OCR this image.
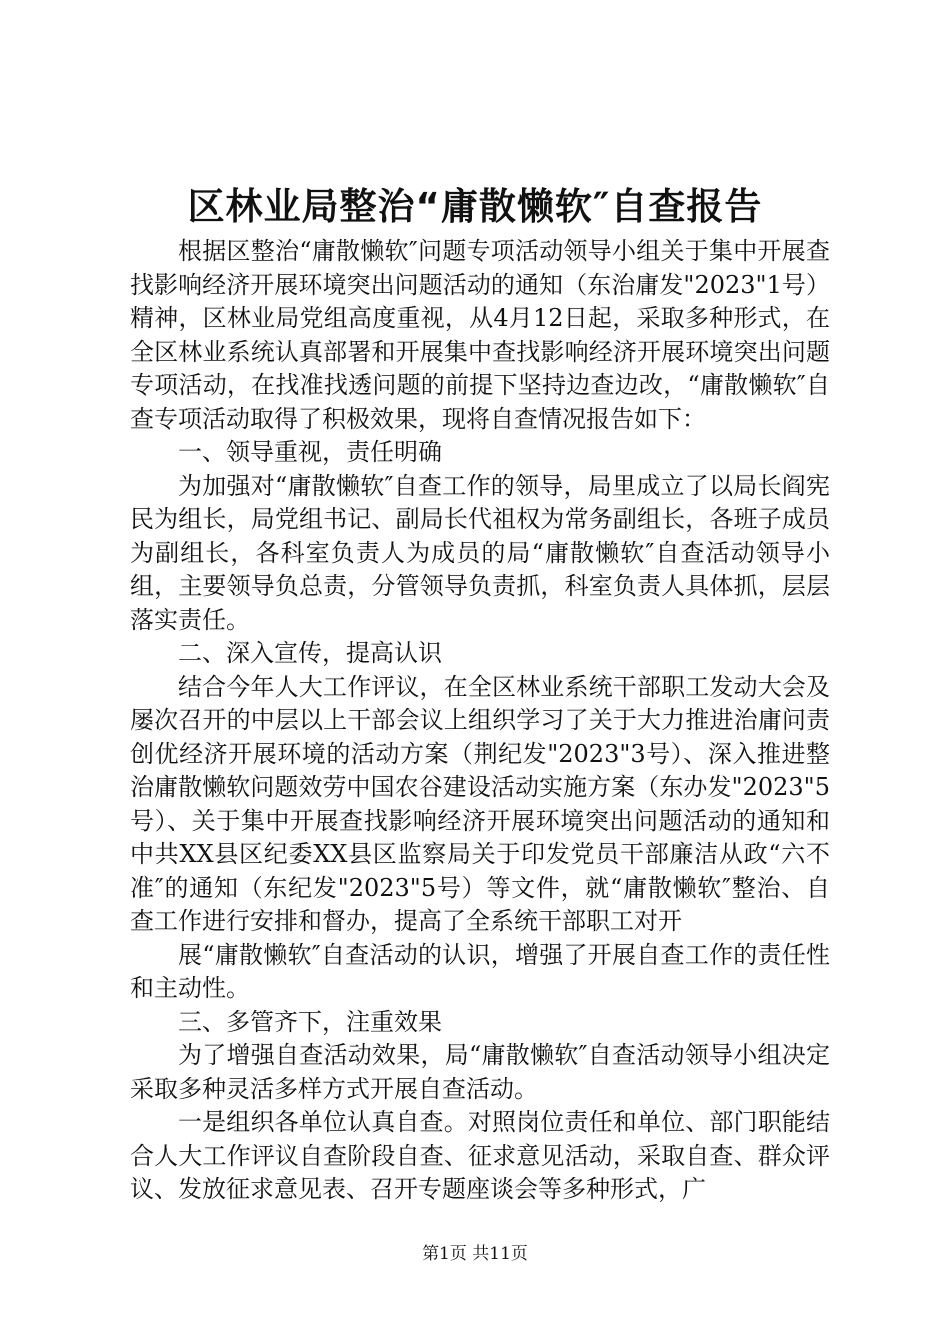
区林业局整治“庸散懒软″自查报告

根据区整治“庸散懒软″问题专项活动领导小组关于集中开展查找影响经济开展环境突出问题活动的通知（东治庸发"2023"1号）精神，区林业局党组高度重视，从4月12日起，采取多种形式，在全区林业系统认真部署和开展集中查找影响经济开展环境突出问题专项活动，在找准找透问题的前提下坚持边查边改，“庸散懒软″自查专项活动取得了积极效果，现将自查情况报告如下：

一、领导重视，责任明确

为加强对“庸散懒软″自查工作的领导，局里成立了以局长阎宪民为组长，局党组书记、副局长代祖权为常务副组长，各班子成员为副组长，各科室负责人为成员的局“庸散懒软″自查活动领导小组，主要领导负总责，分管领导负责抓，科室负责人具体抓，层层落实责任。

二、深入宣传，提高认识

结合今年人大工作评议，在全区林业系统干部职工发动大会及屡次召开的中层以上干部会议上组织学习了关于大力推进治庸问责创优经济开展环境的活动方案（荆纪发"2023"3号）、深入推进整治庸散懒软问题效劳中国农谷建设活动实施方案（东办发"2023"5号）、关于集中开展查找影响经济开展环境突出问题活动的通知和中共XX县区纪委XX县区监察局关于印发党员干部廉洁从政“六不准″的通知（东纪发"2023"5号）等文件，就“庸散懒软″整治、自查工作进行安排和督办，提高了全系统干部职工对开

展“庸散懒软″自查活动的认识，增强了开展自查工作的责任性和主动性。

三、多管齐下，注重效果

为了增强自查活动效果，局“庸散懒软″自查活动领导小组决定采取多种灵活多样方式开展自查活动。

一是组织各单位认真自查。对照岗位责任和单位、部门职能结合人大工作评议自查阶段自查、征求意见活动，采取自查、群众评议、发放征求意见表、召开专题座谈会等多种形式，广

第1页 共11页
